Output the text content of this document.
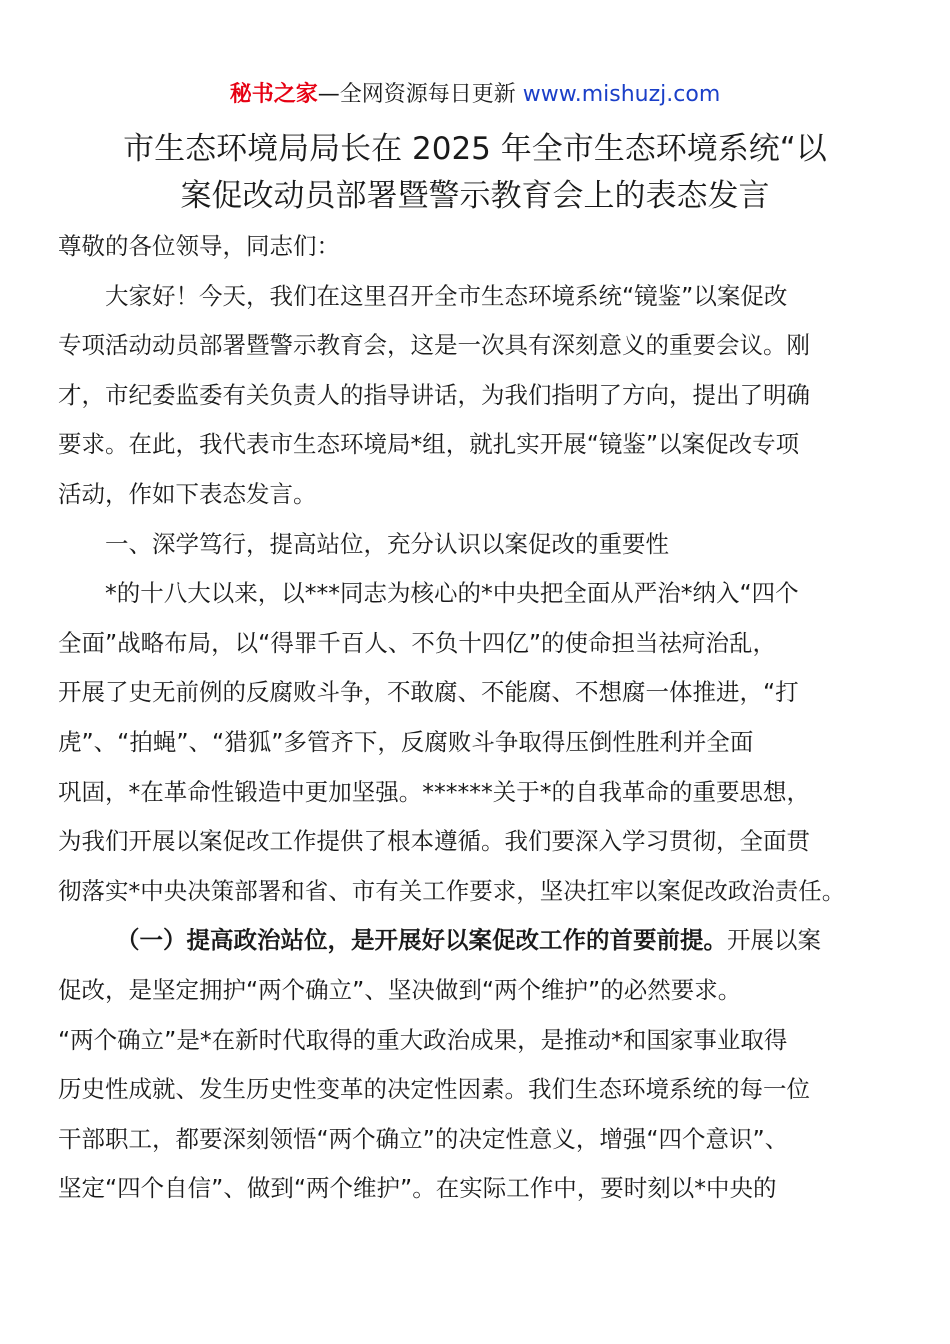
秘书之家—全网资源每日更新 www.mishuzj.com
市生态环境局局长在 2025 年全市生态环境系统“以
案促改动员部署暨警示教育会上的表态发言
尊敬的各位领导，同志们：
大家好！今天，我们在这里召开全市生态环境系统“镜鉴”以案促改
专项活动动员部署暨警示教育会，这是一次具有深刻意义的重要会议。刚
才，市纪委监委有关负责人的指导讲话，为我们指明了方向，提出了明确
要求。在此，我代表市生态环境局*组，就扎实开展“镜鉴”以案促改专项
活动，作如下表态发言。
一、深学笃行，提高站位，充分认识以案促改的重要性
*的十八大以来，以***同志为核心的*中央把全面从严治*纳入“四个
全面”战略布局，以“得罪千百人、不负十四亿”的使命担当祛疴治乱，
开展了史无前例的反腐败斗争，不敢腐、不能腐、不想腐一体推进，“打
虎”、“拍蝇”、“猎狐”多管齐下，反腐败斗争取得压倒性胜利并全面
巩固，*在革命性锻造中更加坚强。******关于*的自我革命的重要思想，
为我们开展以案促改工作提供了根本遵循。我们要深入学习贯彻，全面贯
彻落实*中央决策部署和省、市有关工作要求，坚决扛牢以案促改政治责任。
（一）提高政治站位，是开展好以案促改工作的首要前提。开展以案
促改，是坚定拥护“两个确立”、坚决做到“两个维护”的必然要求。
“两个确立”是*在新时代取得的重大政治成果，是推动*和国家事业取得
历史性成就、发生历史性变革的决定性因素。我们生态环境系统的每一位
干部职工，都要深刻领悟“两个确立”的决定性意义，增强“四个意识”、
坚定“四个自信”、做到“两个维护”。在实际工作中，要时刻以*中央的
